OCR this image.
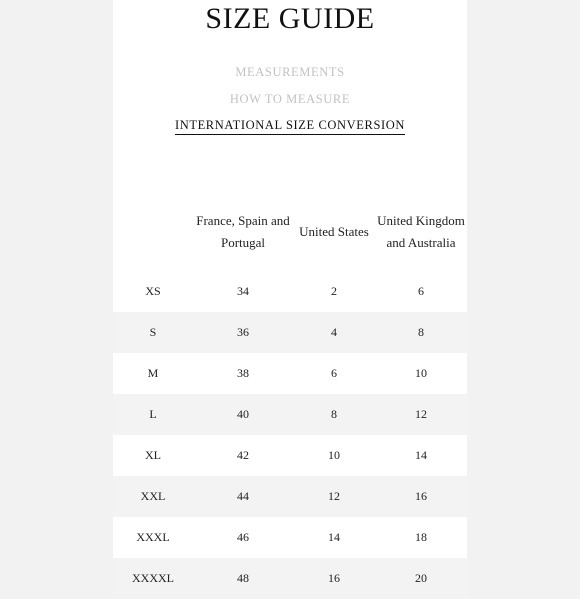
SIZE GUIDE
MEASUREMENTS
HOW TO MEASURE
INTERNATIONAL SIZE CONVERSION
	France, Spain and Portugal	United States	United Kingdom and Australia
XS	34	2	6
S	36	4	8
M	38	6	10
L	40	8	12
XL	42	10	14
XXL	44	12	16
XXXL	46	14	18
XXXXL	48	16	20
